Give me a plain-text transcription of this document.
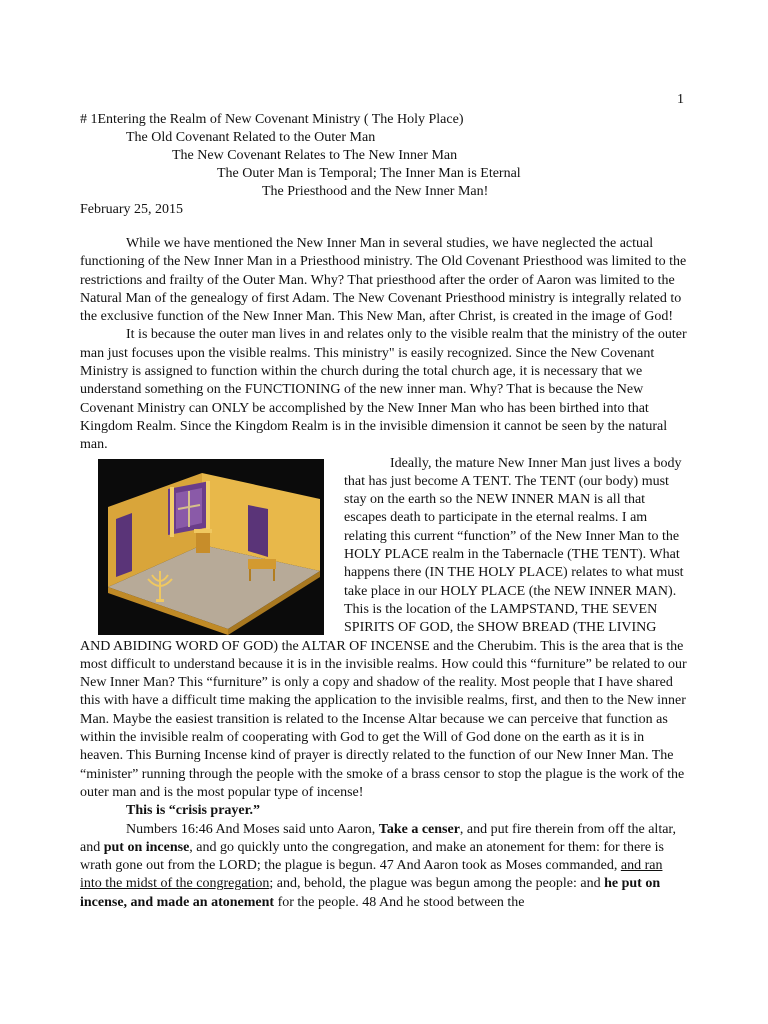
1
# 1Entering the Realm of New Covenant Ministry ( The Holy Place)
The Old Covenant Related to the Outer Man
The New Covenant Relates to The New Inner Man
The Outer Man is Temporal; The Inner Man is Eternal
The Priesthood and the New Inner Man!
February 25, 2015

While we have mentioned the New Inner Man in several studies, we have neglected the actual functioning of the New Inner Man in a Priesthood ministry. The Old Covenant Priesthood was limited to the restrictions and frailty of the Outer Man. Why? That priesthood after the order of Aaron was limited to the Natural Man of the genealogy of first Adam. The New Covenant Priesthood ministry is integrally related to the exclusive function of the New Inner Man. This New Man, after Christ, is created in the image of God!

It is because the outer man lives in and relates only to the visible realm that the ministry of the outer man just focuses upon the visible realms. This ministry" is easily recognized. Since the New Covenant Ministry is assigned to function within the church during the total church age, it is necessary that we understand something on the FUNCTIONING of the new inner man. Why? That is because the New Covenant Ministry can ONLY be accomplished by the New Inner Man who has been birthed into that Kingdom Realm. Since the Kingdom Realm is in the invisible dimension it cannot be seen by the natural man.

Ideally, the mature New Inner Man just lives a body that has just become A TENT. The TENT (our body) must stay on the earth so the NEW INNER MAN is all that escapes death to participate in the eternal realms. I am relating this current “function” of the New Inner Man to the HOLY PLACE realm in the Tabernacle (THE TENT). What happens there (IN THE HOLY PLACE) relates to what must take place in our HOLY PLACE (the NEW INNER MAN). This is the location of the LAMPSTAND, THE SEVEN SPIRITS OF GOD, the SHOW BREAD (THE LIVING AND ABIDING WORD OF GOD) the ALTAR OF INCENSE and the Cherubim. This is the area that is the most difficult to understand because it is in the invisible realms. How could this “furniture” be related to our New Inner Man? This “furniture” is only a copy and shadow of the reality. Most people that I have shared this with have a difficult time making the application to the invisible realms, first, and then to the New inner Man. Maybe the easiest transition is related to the Incense Altar because we can perceive that function as within the invisible realm of cooperating with God to get the Will of God done on the earth as it is in heaven. This Burning Incense kind of prayer is directly related to the function of our New Inner Man. The “minister” running through the people with the smoke of a brass censor to stop the plague is the work of the outer man and is the most popular type of incense!

This is “crisis prayer.”

Numbers 16:46 And Moses said unto Aaron, Take a censer, and put fire therein from off the altar, and put on incense, and go quickly unto the congregation, and make an atonement for them: for there is wrath gone out from the LORD; the plague is begun. 47 And Aaron took as Moses commanded, and ran into the midst of the congregation; and, behold, the plague was begun among the people: and he put on incense, and made an atonement for the people. 48 And he stood between the
